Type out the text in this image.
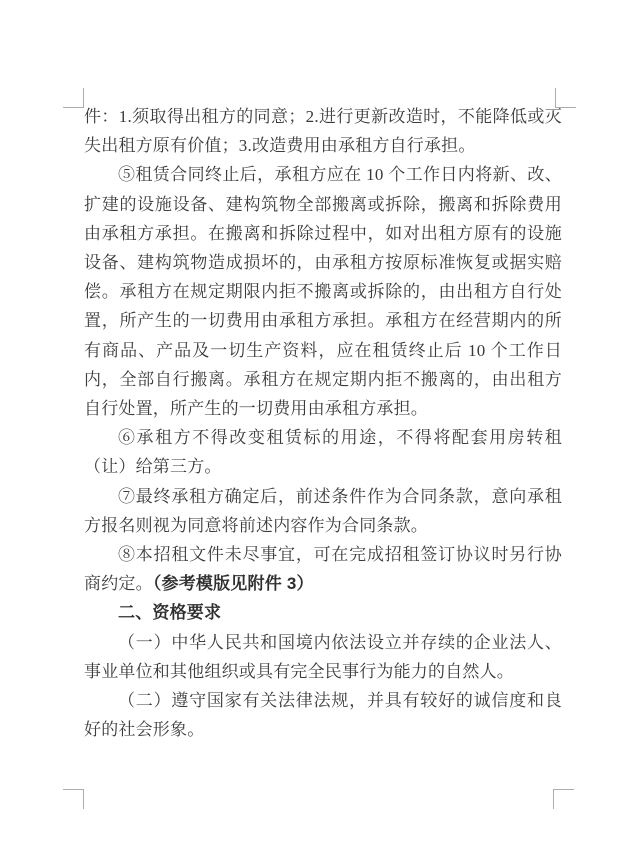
件：1.须取得出租方的同意；2.进行更新改造时，不能降低或灭失出租方原有价值；3.改造费用由承租方自行承担。

⑤租赁合同终止后，承租方应在 10 个工作日内将新、改、扩建的设施设备、建构筑物全部搬离或拆除，搬离和拆除费用由承租方承担。在搬离和拆除过程中，如对出租方原有的设施设备、建构筑物造成损坏的，由承租方按原标准恢复或据实赔偿。承租方在规定期限内拒不搬离或拆除的，由出租方自行处置，所产生的一切费用由承租方承担。承租方在经营期内的所有商品、产品及一切生产资料，应在租赁终止后 10 个工作日内，全部自行搬离。承租方在规定期内拒不搬离的，由出租方自行处置，所产生的一切费用由承租方承担。

⑥承租方不得改变租赁标的用途，不得将配套用房转租（让）给第三方。

⑦最终承租方确定后，前述条件作为合同条款，意向承租方报名则视为同意将前述内容作为合同条款。

⑧本招租文件未尽事宜，可在完成招租签订协议时另行协商约定。（参考模版见附件 3）

二、资格要求

（一）中华人民共和国境内依法设立并存续的企业法人、事业单位和其他组织或具有完全民事行为能力的自然人。

（二）遵守国家有关法律法规，并具有较好的诚信度和良好的社会形象。
